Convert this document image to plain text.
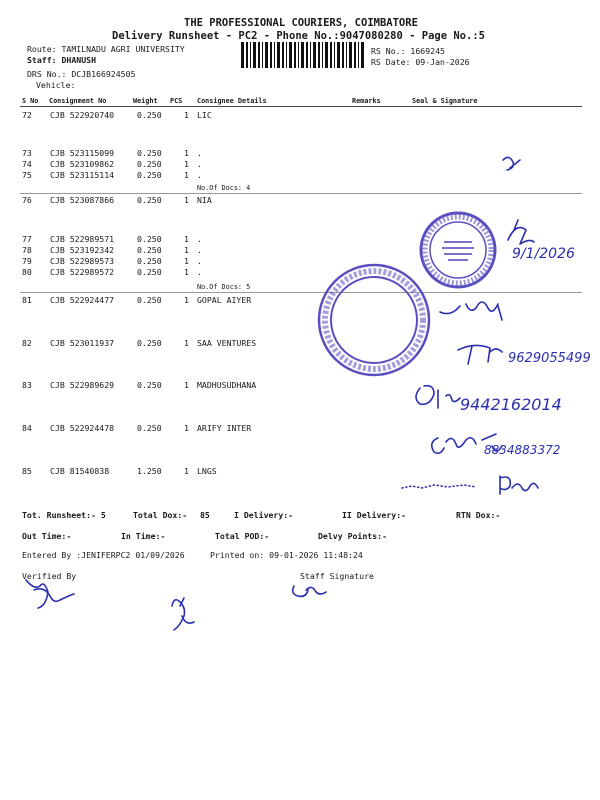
THE PROFESSIONAL COURIERS, COIMBATORE
Delivery Runsheet - PC2 - Phone No.:9047080280 - Page No.:5
Route: TAMILNADU AGRI UNIVERSITY
Staff: DHANUSH
DRS No.: DCJB166924505
Vehicle:
RS No.: 1669245
RS Date: 09-Jan-2026
S No Consignment No	Weight PCS Consignee Details	Remarks	Seal & Signature
72 CJB 522920740	0.250	1 LIC
73 CJB 523115099	0.250	1 .
74 CJB 523109862	0.250	1 .
75 CJB 523115114	0.250	1 .
76 CJB 523087866	0.250	1 NIA
77 CJB 522989571	0.250	1 .
78 CJB 523192342	0.250	1 .
79 CJB 522989573	0.250	1 .
80 CJB 522989572	0.250	1 .
81 CJB 522924477	0.250	1 GOPAL AIYER
82 CJB 523011937	0.250	1 SAA VENTURES
83 CJB 522989629	0.250	1 MADHUSUDHANA
84 CJB 522924478	0.250	1 ARIFY INTER
85 CJB 81540838	1.250	1 LNGS
No.Of Docs: 4
No.Of Docs: 5
9/1/2026
9629055499
9442162014
8834883372
Tot. Runsheet:- 5	Total Dox:- 85	I Delivery:-	II Delivery:-	RTN Dox:-
Out Time:-	In Time:-	Total POD:-	Delvy Points:-
Entered By :JENIFERPC2 01/09/2026	Printed on: 09-01-2026 11:48:24
Verified By	Staff Signature
